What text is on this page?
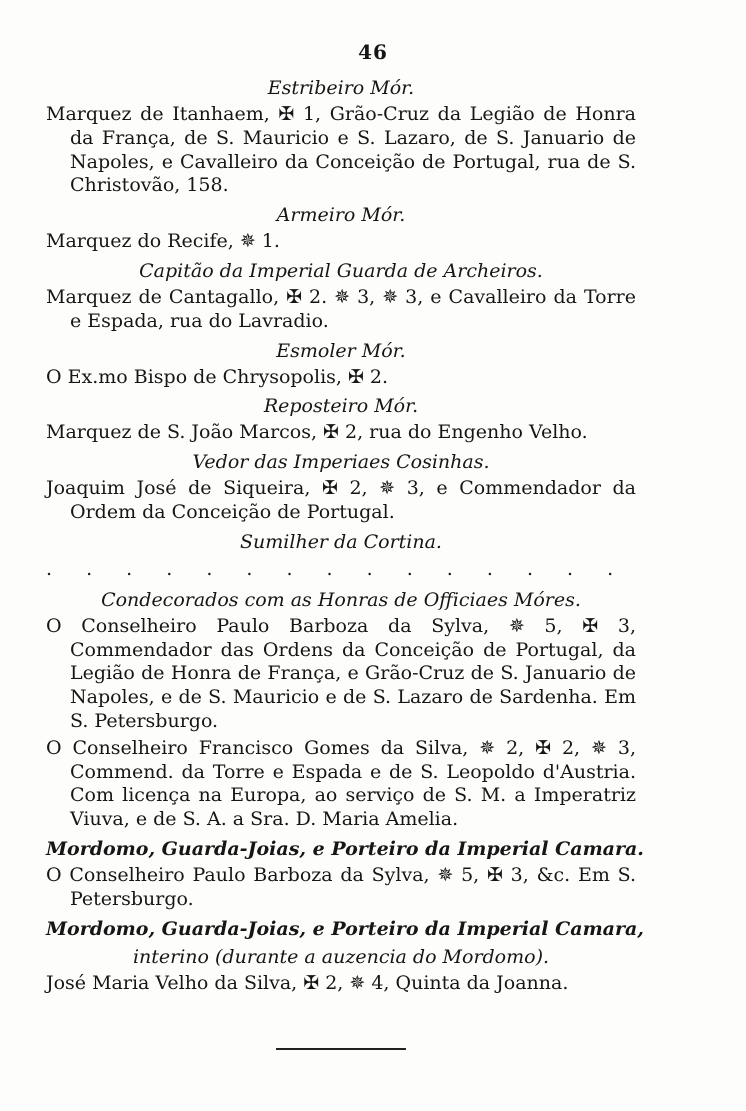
46
Estribeiro Mór.

Marquez de Itanhaem, ✠ 1, Grão-Cruz da Legião de Honra da França, de S. Mauricio e S. Lazaro, de S. Januario de Napoles, e Cavalleiro da Conceição de Portugal, rua de S. Christovão, 158.

Armeiro Mór.

Marquez do Recife, ✵ 1.

Capitão da Imperial Guarda de Archeiros.

Marquez de Cantagallo, ✠ 2. ✵ 3, ✵ 3, e Cavalleiro da Torre e Espada, rua do Lavradio.

Esmoler Mór.

O Ex.mo Bispo de Chrysopolis, ✠ 2.

Reposteiro Mór.

Marquez de S. João Marcos, ✠ 2, rua do Engenho Velho.

Vedor das Imperiaes Cosinhas.

Joaquim José de Siqueira, ✠ 2, ✵ 3, e Commendador da Ordem da Conceição de Portugal.

Sumilher da Cortina.
. . . . . . . . . . . . . . .
Condecorados com as Honras de Officiaes Móres.

O Conselheiro Paulo Barboza da Sylva, ✵ 5, ✠ 3, Commendador das Ordens da Conceição de Portugal, da Legião de Honra de França, e Grão-Cruz de S. Januario de Napoles, e de S. Mauricio e de S. Lazaro de Sardenha. Em S. Petersburgo.

O Conselheiro Francisco Gomes da Silva, ✵ 2, ✠ 2, ✵ 3, Commend. da Torre e Espada e de S. Leopoldo d'Austria. Com licença na Europa, ao serviço de S. M. a Imperatriz Viuva, e de S. A. a Sra. D. Maria Amelia.

Mordomo, Guarda-Joias, e Porteiro da Imperial Camara.

O Conselheiro Paulo Barboza da Sylva, ✵ 5, ✠ 3, &c. Em S. Petersburgo.

Mordomo, Guarda-Joias, e Porteiro da Imperial Camara,
interino (durante a auzencia do Mordomo).

José Maria Velho da Silva, ✠ 2, ✵ 4, Quinta da Joanna.
